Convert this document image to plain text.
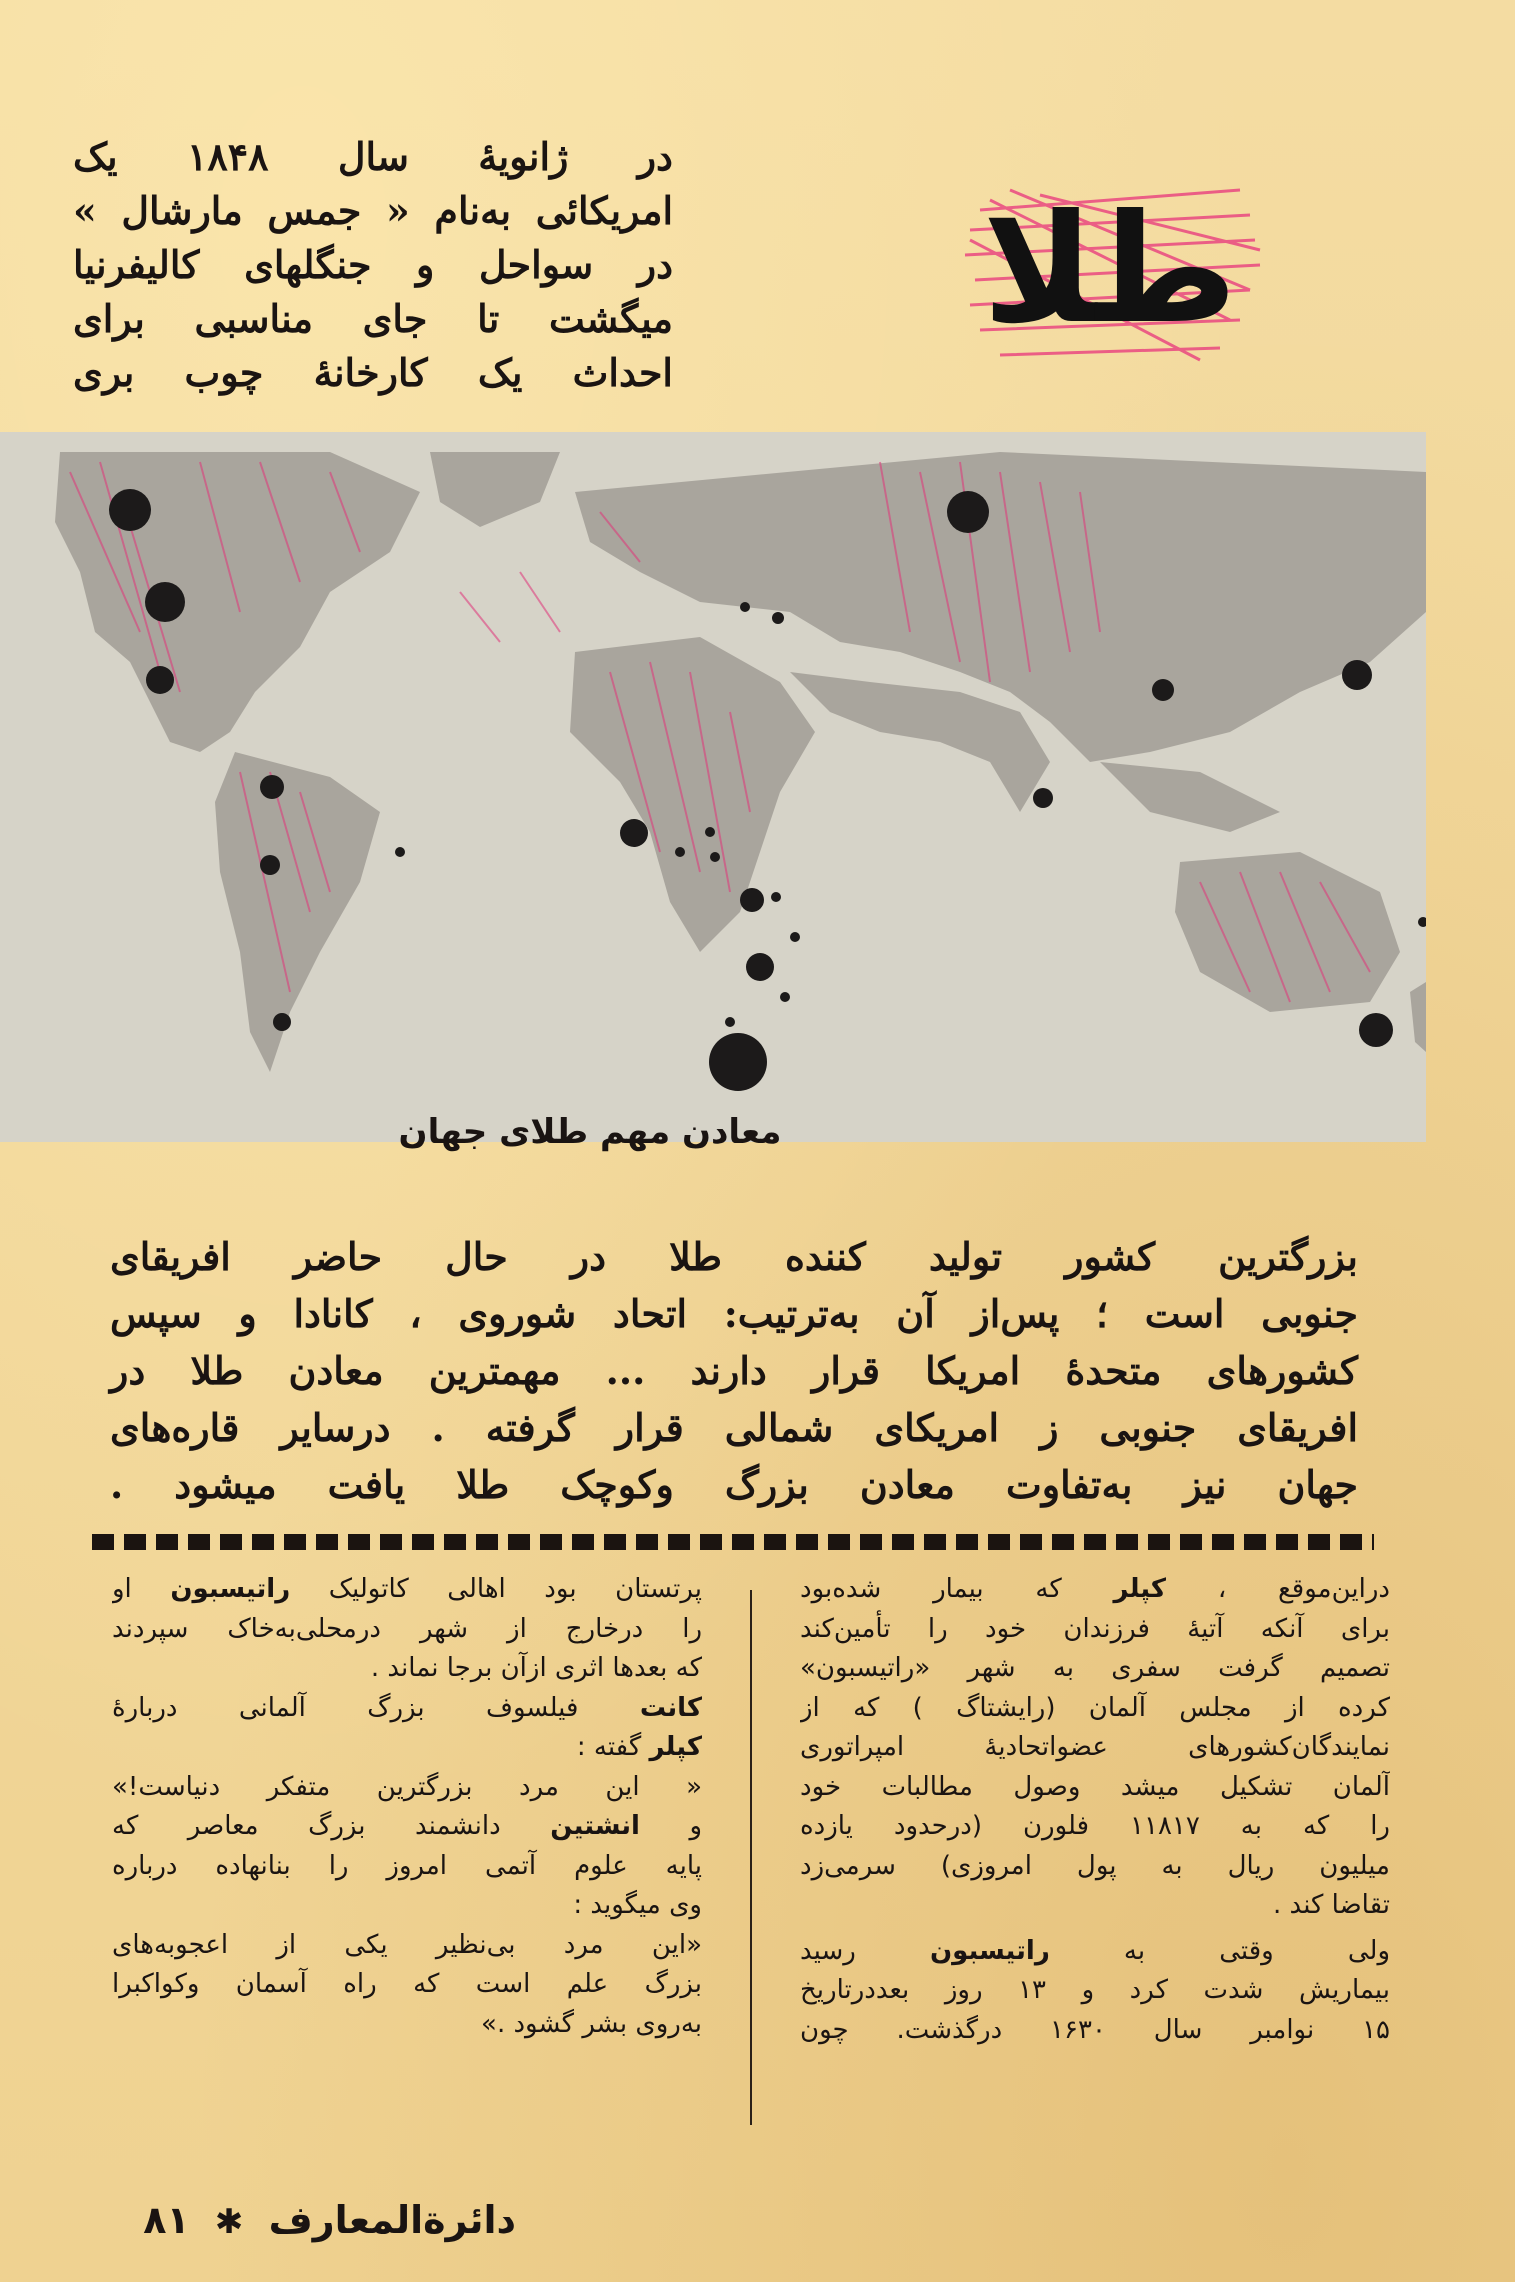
طلا
در ژانویهٔ سال ۱۸۴۸ یک
امریکائی به‌نام « جمس مارشال »
در سواحل و جنگلهای کالیفرنیا
میگشت تا جای مناسبی برای
احداث یک کارخانهٔ چوب بری
معادن مهم طلای جهان
بزرگترین کشور تولید کننده طلا در حال حاضر افریقای
جنوبی است ؛ پس‌از آن به‌ترتیب: اتحاد شوروی ، کانادا و سپس
کشورهای متحدهٔ امریکا قرار دارند ... مهمترین معادن طلا در
افریقای جنوبی ز امریکای شمالی قرار گرفته . درسایر قاره‌های
جهان نیز به‌تفاوت معادن بزرگ وکوچک طلا یافت میشود .
دراین‌موقع ، کپلر که بیمار شده‌بود
برای آنکه آتیهٔ فرزندان خود را تأمین‌کند
تصمیم گرفت سفری به شهر «راتیسبون»
کرده از مجلس آلمان (رایشتاگ ) که از
نمایندگان‌کشورهای عضواتحادیهٔ امپراتوری
آلمان تشکیل میشد وصول مطالبات خود
را که به ۱۱۸۱۷ فلورن (درحدود یازده
میلیون ریال به پول امروزی) سرمی‌زد
تقاضا کند .
ولی وقتی به راتیسبون رسید
بیماریش شدت کرد و ۱۳ روز بعددرتاریخ
۱۵ نوامبر سال ۱۶۳۰ درگذشت. چون
پرتستان بود اهالی کاتولیک راتیسبون او
را درخارج از شهر درمحلی‌به‌خاک سپردند
که بعدها اثری ازآن برجا نماند .
کانت فیلسوف بزرگ آلمانی دربارهٔ
کپلر گفته :
« این مرد بزرگترین متفکر دنیاست!»
و انشتین دانشمند بزرگ معاصر که
پایه علوم آتمی امروز را بنانهاده درباره
وی میگوید :
«این مرد بی‌نظیر یکی از اعجوبه‌های
بزرگ علم است که راه آسمان وکواکبرا
به‌روی بشر گشود .»
دائرة‌المعارف ✱ ۸۱
